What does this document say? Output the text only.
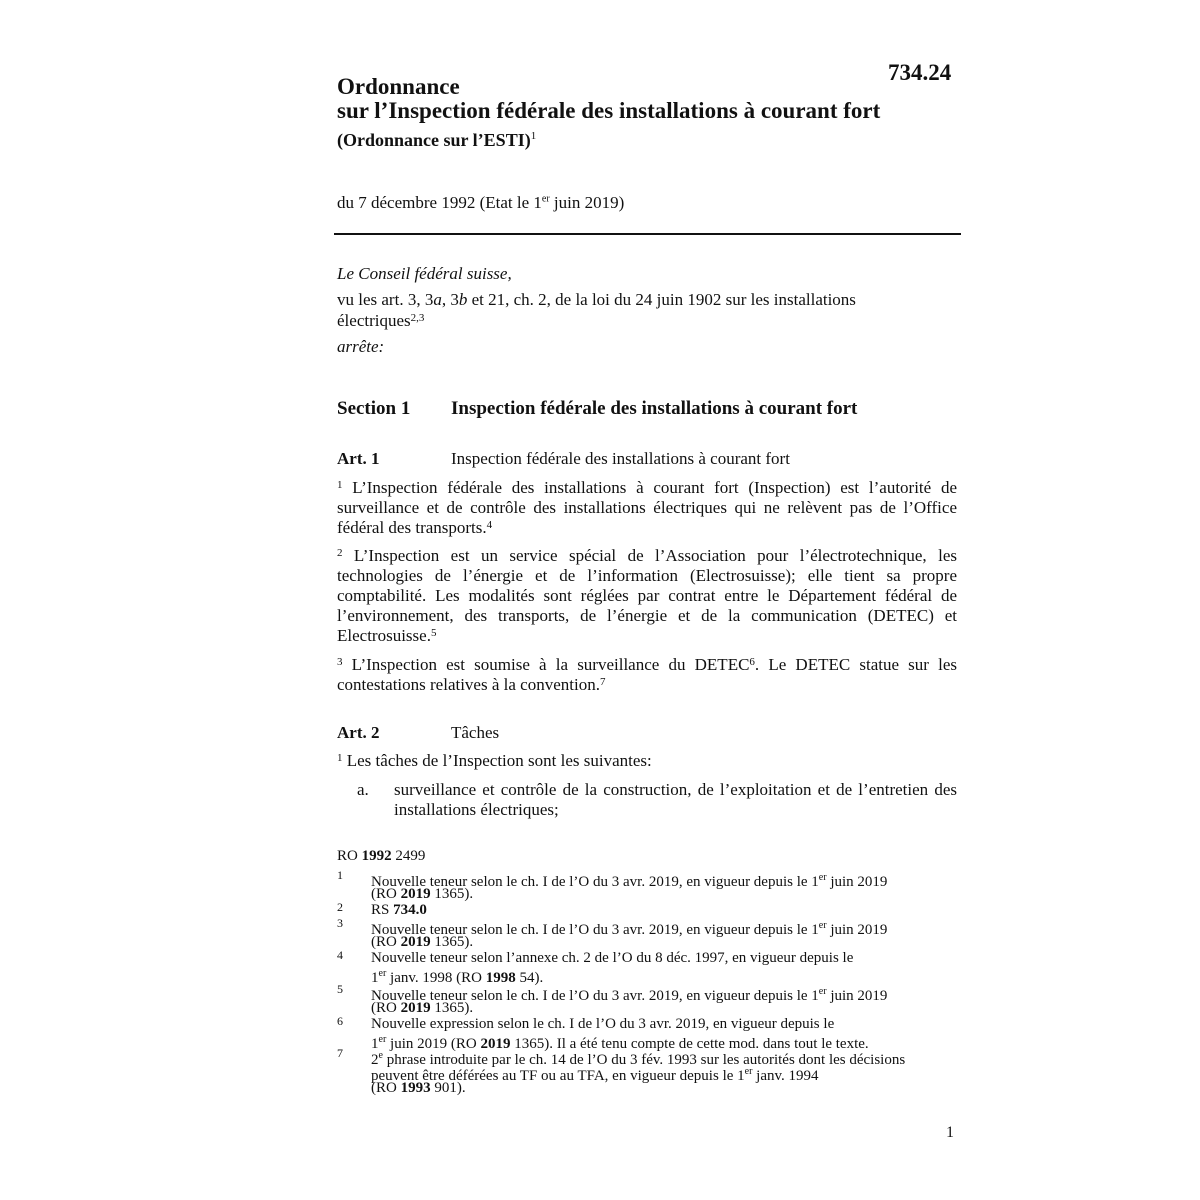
734.24
Ordonnance
sur l’Inspection fédérale des installations à courant fort
(Ordonnance sur l’ESTI)$^1$
du 7 décembre 1992 (Etat le 1er juin 2019)
Le Conseil fédéral suisse,
vu les art. 3, 3a, 3b et 21, ch. 2, de la loi du 24 juin 1902 sur les installations
électriques$^{2,3}$
arrête:
Section 1 Inspection fédérale des installations à courant fort
Art. 1	Inspection fédérale des installations à courant fort
$^1$ L’Inspection fédérale des installations à courant fort (Inspection) est l’autorité de surveillance et de contrôle des installations électriques qui ne relèvent pas de l’Office fédéral des transports.$^4$
$^2$ L’Inspection est un service spécial de l’Association pour l’électrotechnique, les technologies de l’énergie et de l’information (Electrosuisse); elle tient sa propre comptabilité. Les modalités sont réglées par contrat entre le Département fédéral de l’environnement, des transports, de l’énergie et de la communication (DETEC) et Electrosuisse.$^5$
$^3$ L’Inspection est soumise à la surveillance du DETEC$^6$. Le DETEC statue sur les contestations relatives à la convention.$^7$
Art. 2	Tâches
$^1$ Les tâches de l’Inspection sont les suivantes:
a. surveillance et contrôle de la construction, de l’exploitation et de l’entretien des installations électriques;
RO 1992 2499
1 Nouvelle teneur selon le ch. I de l’O du 3 avr. 2019, en vigueur depuis le 1er juin 2019
(RO 2019 1365).
2 RS 734.0
3 Nouvelle teneur selon le ch. I de l’O du 3 avr. 2019, en vigueur depuis le 1er juin 2019
(RO 2019 1365).
4 Nouvelle teneur selon l’annexe ch. 2 de l’O du 8 déc. 1997, en vigueur depuis le
1er janv. 1998 (RO 1998 54).
5 Nouvelle teneur selon le ch. I de l’O du 3 avr. 2019, en vigueur depuis le 1er juin 2019
(RO 2019 1365).
6 Nouvelle expression selon le ch. I de l’O du 3 avr. 2019, en vigueur depuis le
1er juin 2019 (RO 2019 1365). Il a été tenu compte de cette mod. dans tout le texte.
7 2e phrase introduite par le ch. 14 de l’O du 3 fév. 1993 sur les autorités dont les décisions
peuvent être déférées au TF ou au TFA, en vigueur depuis le 1er janv. 1994
(RO 1993 901).
1
